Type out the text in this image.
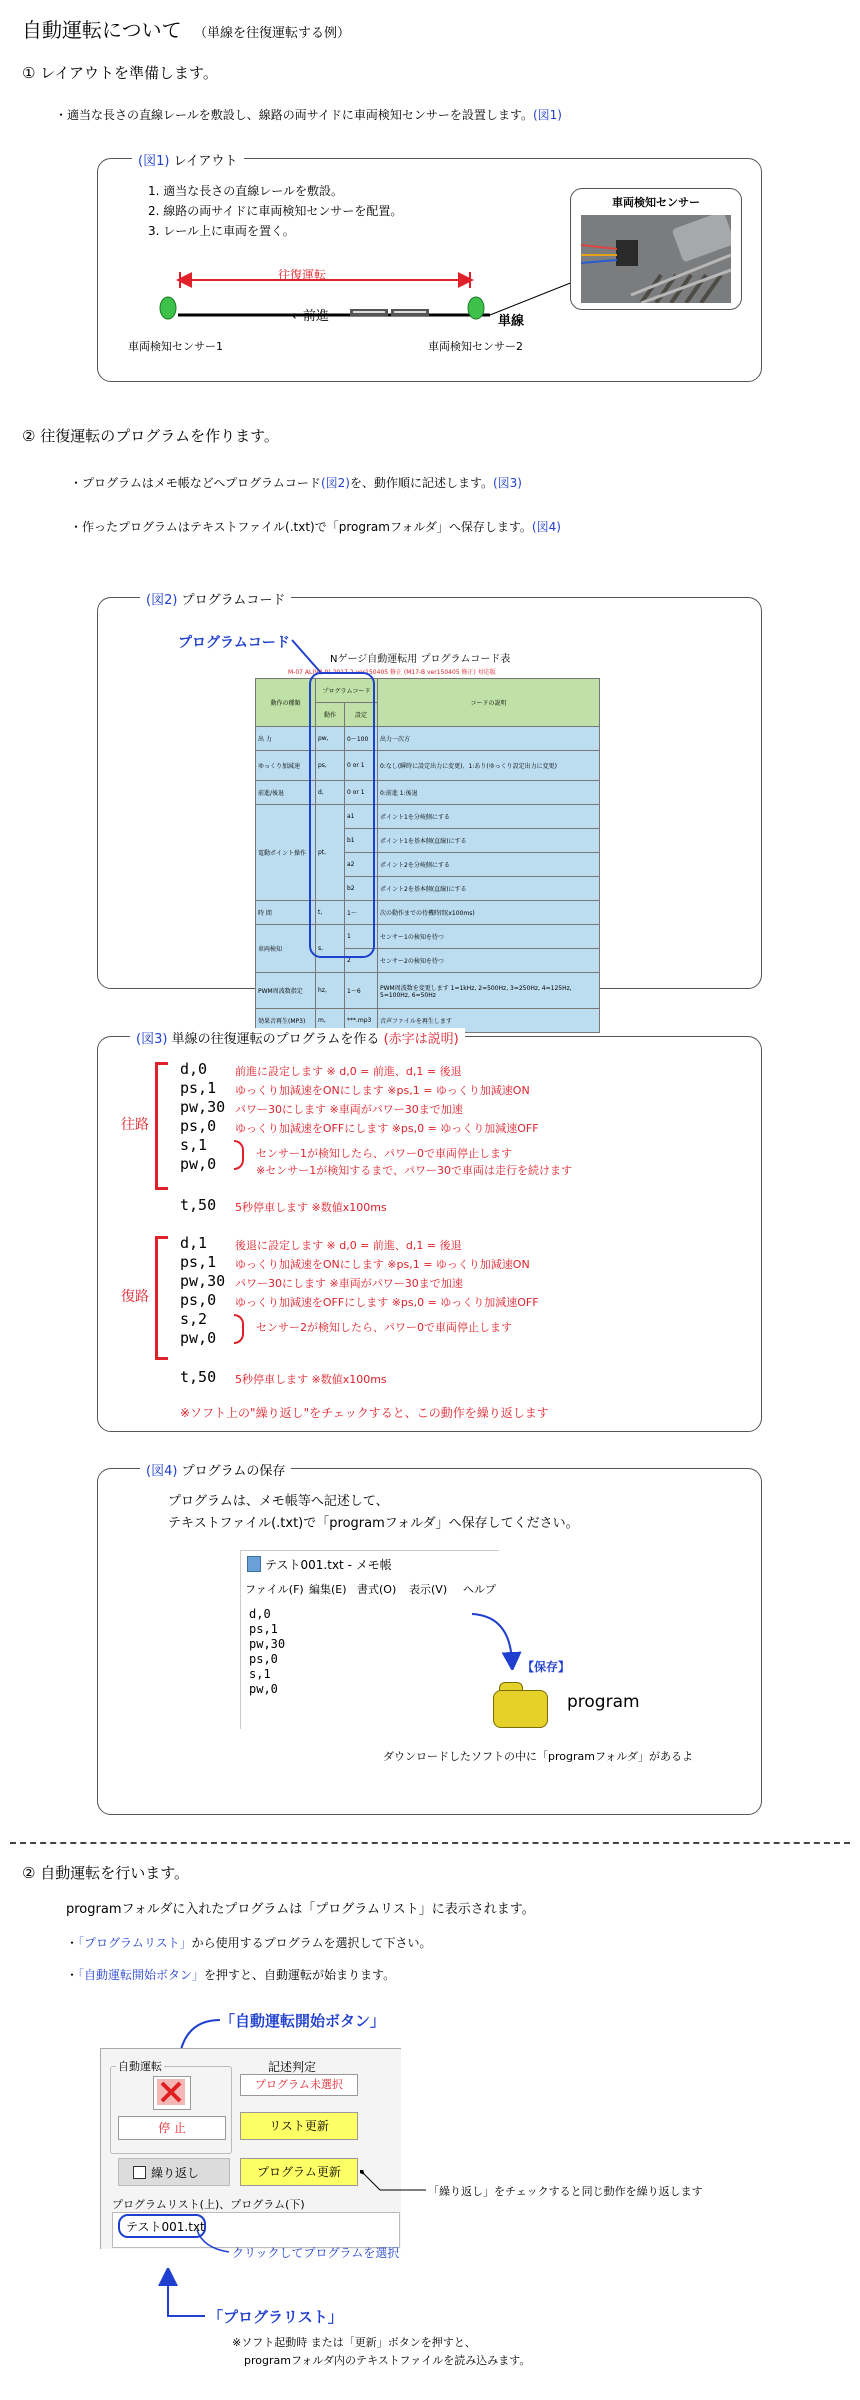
自動運転について （単線を往復運転する例）
① レイアウトを準備します。
・適当な長さの直線レールを敷設し、線路の両サイドに車両検知センサーを設置します。(図1)
(図1) レイアウト
1. 適当な長さの直線レールを敷設。
2. 線路の両サイドに車両検知センサーを配置。
3. レール上に車両を置く。
往復運転
←前進	単線
車両検知センサー1	車両検知センサー2
車両検知センサー
② 往復運転のプログラムを作ります。
・プログラムはメモ帳などへプログラムコード(図2)を、動作順に記述します。(図3)
・作ったプログラムはテキストファイル(.txt)で「programフォルダ」へ保存します。(図4)
(図2) プログラムコード
プログラムコード
Nゲージ自動運転用 プログラムコード表
M-07 AL(V2.0) 2017.2 ver150405 修正 (M17-B ver150405 修正) 対応版
動作の種類	プログラムコード		コードの説明
	動作	設定	
出 力	pw,	0〜100	出力一次方
ゆっくり加減速	ps,	0 or 1	0:なし(瞬時に設定出力に変更)、1:あり(ゆっくり設定出力に変更)
前進/後退	d,	0 or 1	0:前進 1:後退
電動ポイント操作	pt,	a1	ポイント1を分岐側にする
		b1	ポイント1を基本側(直線)にする
		a2	ポイント2を分岐側にする
		b2	ポイント2を基本側(直線)にする
時 間	t,	1〜	次の動作までの待機時間(x100ms)
車両検知	s,	1	センサー1の検知を待つ
		2	センサー2の検知を待つ
PWM周波数指定	hz,	1〜6	PWM周波数を変更します 1=1kHz, 2=500Hz, 3=250Hz, 4=125Hz, 5=100Hz, 6=50Hz
効果音再生(MP3)	m,	***.mp3	音声ファイルを再生します
(図3) 単線の往復運転のプログラムを作る (赤字は説明)
往路
d,0	前進に設定します ※ d,0 = 前進、d,1 = 後退
ps,1 ゆっくり加減速をONにします ※ps,1 = ゆっくり加減速ON
pw,30 パワー30にします ※車両がパワー30まで加速
ps,0 ゆっくり加減速をOFFにします ※ps,0 = ゆっくり加減速OFF
s,1
pw,0
センサー1が検知したら、パワー0で車両停止します
※センサー1が検知するまで、パワー30で車両は走行を続けます
t,50 5秒停車します ※数値x100ms
復路
d,1	後退に設定します ※ d,0 = 前進、d,1 = 後退
ps,1 ゆっくり加減速をONにします ※ps,1 = ゆっくり加減速ON
pw,30 パワー30にします ※車両がパワー30まで加速
ps,0 ゆっくり加減速をOFFにします ※ps,0 = ゆっくり加減速OFF
s,2
pw,0
センサー2が検知したら、パワー0で車両停止します
t,50 5秒停車します ※数値x100ms
※ソフト上の"繰り返し"をチェックすると、この動作を繰り返します
(図4) プログラムの保存
プログラムは、メモ帳等へ記述して、
テキストファイル(.txt)で「programフォルダ」へ保存してください。
テスト001.txt - メモ帳
ファイル(F) 編集(E) 書式(O) 表示(V) ヘルプ
d,0
ps,1
pw,30
ps,0
s,1
pw,0
【保存】
program
ダウンロードしたソフトの中に「programフォルダ」があるよ
② 自動運転を行います。
programフォルダに入れたプログラムは「プログラムリスト」に表示されます。
・「プログラムリスト」から使用するプログラムを選択して下さい。
・「自動運転開始ボタン」を押すと、自動運転が始まります。
「自動運転開始ボタン」
自動運転
停 止
記述判定
プログラム未選択
リスト更新
繰り返し	プログラム更新
「繰り返し」をチェックすると同じ動作を繰り返します
プログラムリスト(上)、プログラム(下)
テスト001.txt
クリックしてプログラムを選択
「プログラリスト」
※ソフト起動時 または「更新」ボタンを押すと、
programフォルダ内のテキストファイルを読み込みます。
